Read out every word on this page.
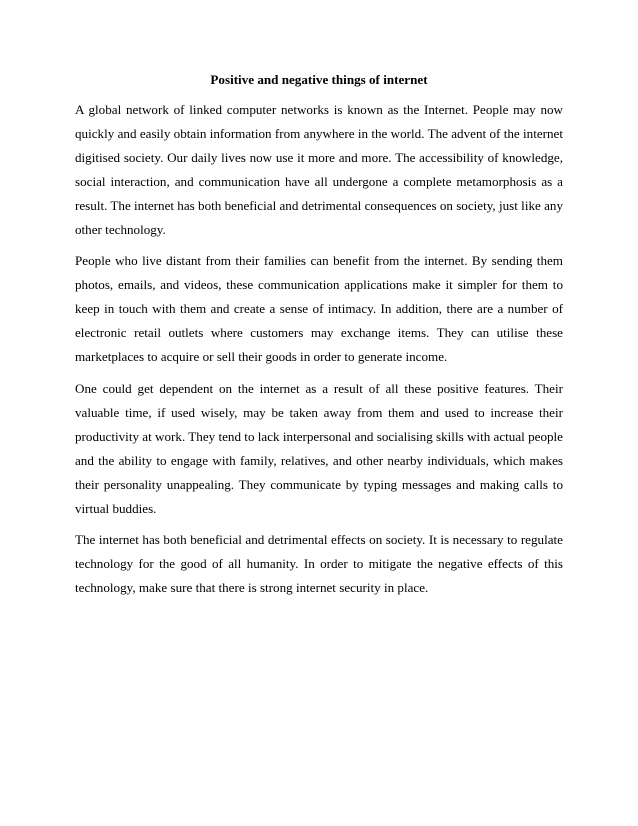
Positive and negative things of internet

A global network of linked computer networks is known as the Internet. People may now quickly and easily obtain information from anywhere in the world. The advent of the internet digitised society. Our daily lives now use it more and more. The accessibility of knowledge, social interaction, and communication have all undergone a complete metamorphosis as a result. The internet has both beneficial and detrimental consequences on society, just like any other technology.

People who live distant from their families can benefit from the internet. By sending them photos, emails, and videos, these communication applications make it simpler for them to keep in touch with them and create a sense of intimacy. In addition, there are a number of electronic retail outlets where customers may exchange items. They can utilise these marketplaces to acquire or sell their goods in order to generate income.

One could get dependent on the internet as a result of all these positive features. Their valuable time, if used wisely, may be taken away from them and used to increase their productivity at work. They tend to lack interpersonal and socialising skills with actual people and the ability to engage with family, relatives, and other nearby individuals, which makes their personality unappealing. They communicate by typing messages and making calls to virtual buddies.

The internet has both beneficial and detrimental effects on society. It is necessary to regulate technology for the good of all humanity. In order to mitigate the negative effects of this technology, make sure that there is strong internet security in place.
